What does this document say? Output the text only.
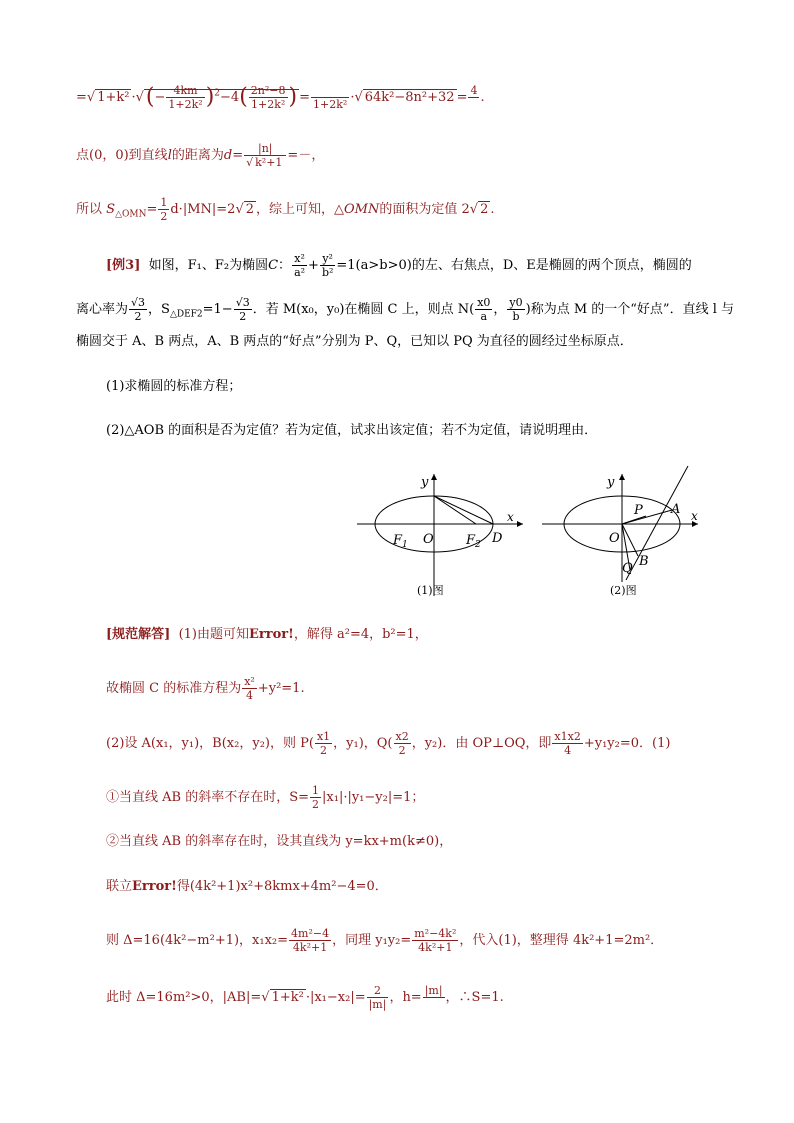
=√ 1+k² ·√(− $\frac{4km}{\text{1+2k²}} )^2-4( \frac{\text{2n²−8}}{\text{1+2k²}}$ ) =
1+2k² ·√ 64k²−8n²+32 = 4
.
点(0，0)到直线l的距离为$d= \frac{|n|}{\text{√ k²+1}}$ =－，
所以 $S_{\triangle OMN}= \frac{1}{2} d\cdot|MN|=2√$ 2 ，综上可知，△OMN的面积为定值 2√ 2 .
[例3] 如图，F₁、F₂为椭圆C： $\frac{\text{x²}}{\text{a²}} + \frac{\text{y²}}{\text{b²}} =1(a>b>0)$的左、右焦点，D、E是椭圆的两个顶点，椭圆的
离心率为 $\frac{√3}{2}$ ，$S_{\triangle DEF2}=1- \frac{√3}{2}$ ．若 M(x₀，y₀)在椭圆 C 上，则点 $N( \frac{x0}{a}$ ， $\frac{y0}{b}$ )称为点 M 的一个“好点”．直线 l 与
椭圆交于 A、B 两点，A、B 两点的“好点”分别为 P、Q，已知以 PQ 为直径的圆经过坐标原点．
(1)求椭圆的标准方程；
(2)△AOB 的面积是否为定值？若为定值，试求出该定值；若不为定值，请说明理由．
y
x
$F_1$ O $F_2$ D
(1)图
y
x
P A
O
Q B
(2)图
[规范解答] (1)由题可知Error!，解得 a²=4，b²=1，
故椭圆 C 的标准方程为 $\frac{\text{x²}}{4} +y^2=1$.
(2)设 A(x₁，y₁)，B(x₂，y₂)，则 $P( \frac{x1}{2}$ ，y₁)，$Q( \frac{x2}{2}$ ，y₂)．由 OP⊥OQ，即 $\frac{x1x2}{4} +y_1y_2=0$．(1)
①当直线 AB 的斜率不存在时，$S= \frac{1}{2} |x_1|\cdot|y_1-y_2|=1$；
②当直线 AB 的斜率存在时，设其直线为 y=kx+m(k≠0)，
联立Error!得(4k²+1)x²+8kmx+4m²−4=0．
则 Δ=16(4k²−m²+1)，$x_1x_2= \frac{\text{4m²−4}}{\text{4k²+1}}$ ，同理 $y_1y_2= \frac{\text{m²−4k²}}{\text{4k²+1}}$ ，代入(1)，整理得 4k²+1=2m²．
此时 Δ=16m²>0，|AB|=√ $1+k^2 \cdot|x_1-x_2|= \frac{2}{|m|}$ ，h= |m|
，∴S=1.
